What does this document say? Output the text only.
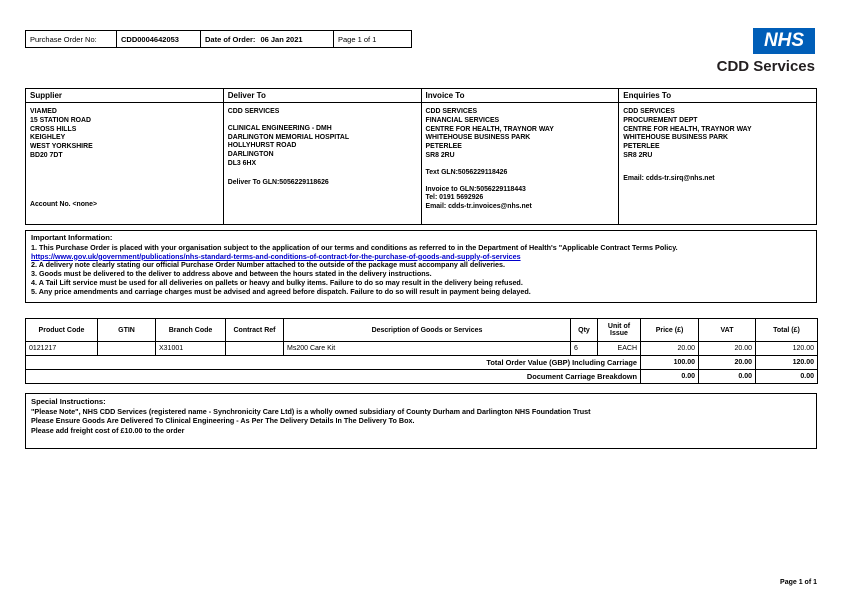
Purchase Order No:	CDD0004642053	Date of Order: 06 Jan 2021	Page 1 of 1	NHS
CDD Services
Supplier
VIAMED
15 STATION ROAD
CROSS HILLS
KEIGHLEY
WEST YORKSHIRE
BD20 7DT
Account No. <none>
Deliver To
CDD SERVICES
CLINICAL ENGINEERING - DMH
DARLINGTON MEMORIAL HOSPITAL
HOLLYHURST ROAD
DARLINGTON
DL3 6HX
Deliver To GLN:5056229118626
Invoice To
CDD SERVICES
FINANCIAL SERVICES
CENTRE FOR HEALTH, TRAYNOR WAY
WHITEHOUSE BUSINESS PARK
PETERLEE
SR8 2RU
Text GLN:5056229118426
Invoice to GLN:5056229118443
Tel: 0191 5692926
Email: cdds-tr.invoices@nhs.net
Enquiries To
CDD SERVICES
PROCUREMENT DEPT
CENTRE FOR HEALTH, TRAYNOR WAY
WHITEHOUSE BUSINESS PARK
PETERLEE
SR8 2RU
Email: cdds-tr.sirq@nhs.net
Important Information:
1. This Purchase Order is placed with your organisation subject to the application of our terms and conditions as referred to in the Department of Health's "Applicable Contract Terms Policy.
https://www.gov.uk/government/publications/nhs-standard-terms-and-conditions-of-contract-for-the-purchase-of-goods-and-supply-of-services
2. A delivery note clearly stating our official Purchase Order Number attached to the outside of the package must accompany all deliveries.
3. Goods must be delivered to the deliver to address above and between the hours stated in the delivery instructions.
4. A Tail Lift service must be used for all deliveries on pallets or heavy and bulky items. Failure to do so may result in the delivery being refused.
5. Any price amendments and carriage charges must be advised and agreed before dispatch. Failure to do so will result in payment being delayed.
Product Code	GTIN	Branch Code	Contract Ref	Description of Goods or Services	Qty	Unit of Issue	Price (£)	VAT	Total (£)
0121217		X31001		Ms200 Care Kit	6	EACH	20.00	20.00	120.00
Total Order Value (GBP) Including Carriage							100.00	20.00	120.00
Document Carriage Breakdown							0.00	0.00	0.00
Special Instructions:
"Please Note", NHS CDD Services (registered name - Synchronicity Care Ltd) is a wholly owned subsidiary of County Durham and Darlington NHS Foundation Trust
Please Ensure Goods Are Delivered To Clinical Engineering - As Per The Delivery Details In The Delivery To Box.
Please add freight cost of £10.00 to the order
Page 1 of 1
